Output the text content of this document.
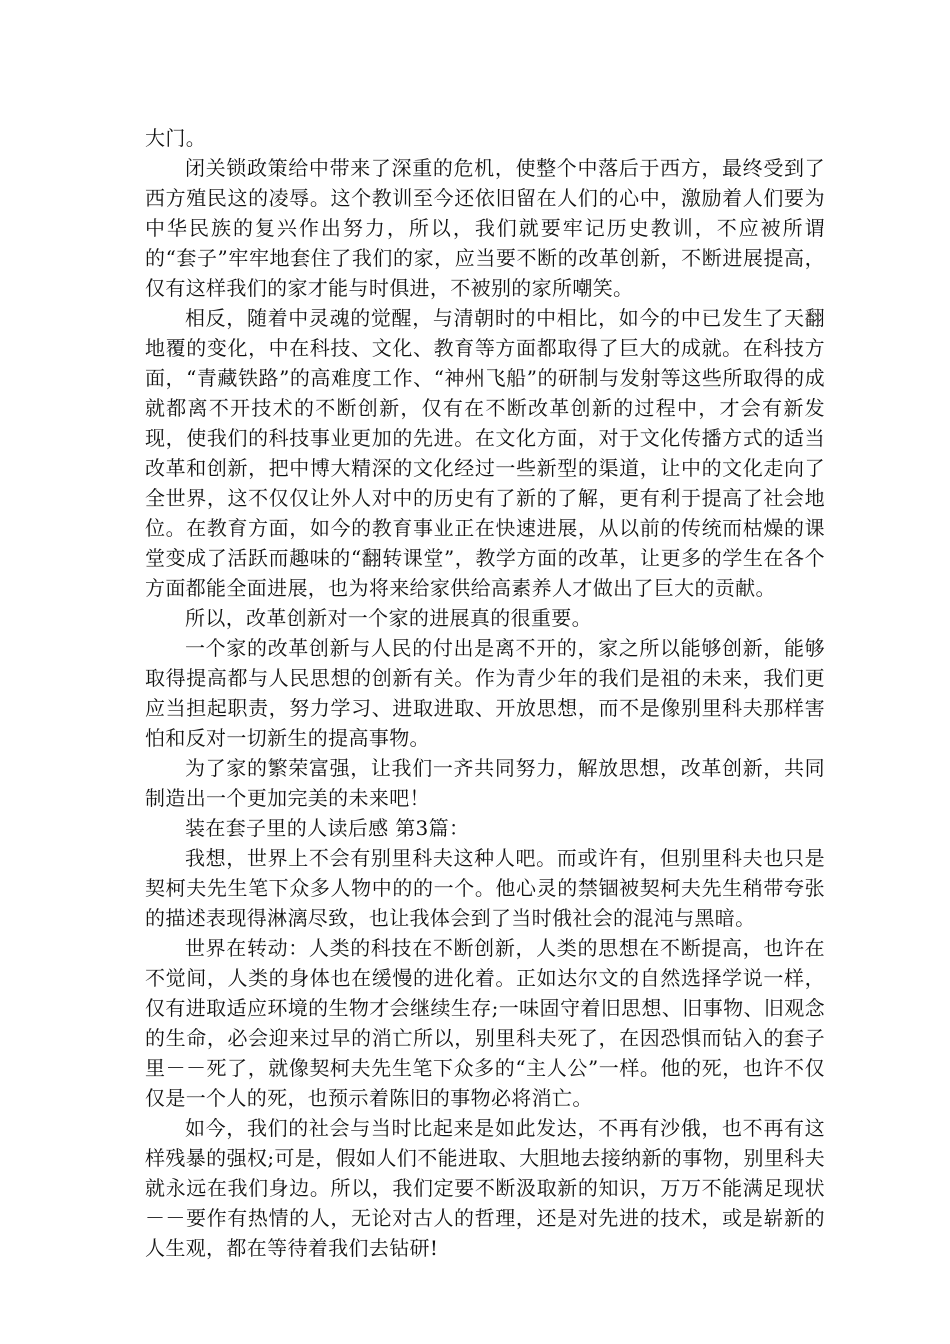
大门。

闭关锁政策给中带来了深重的危机，使整个中落后于西方，最终受到了西方殖民这的凌辱。这个教训至今还依旧留在人们的心中，激励着人们要为中华民族的复兴作出努力，所以，我们就要牢记历史教训，不应被所谓的“套子”牢牢地套住了我们的家，应当要不断的改革创新，不断进展提高，仅有这样我们的家才能与时俱进，不被别的家所嘲笑。

相反，随着中灵魂的觉醒，与清朝时的中相比，如今的中已发生了天翻地覆的变化，中在科技、文化、教育等方面都取得了巨大的成就。在科技方面，“青藏铁路”的高难度工作、“神州飞船”的研制与发射等这些所取得的成就都离不开技术的不断创新，仅有在不断改革创新的过程中，才会有新发现，使我们的科技事业更加的先进。在文化方面，对于文化传播方式的适当改革和创新，把中博大精深的文化经过一些新型的渠道，让中的文化走向了全世界，这不仅仅让外人对中的历史有了新的了解，更有利于提高了社会地位。在教育方面，如今的教育事业正在快速进展，从以前的传统而枯燥的课堂变成了活跃而趣味的“翻转课堂”，教学方面的改革，让更多的学生在各个方面都能全面进展，也为将来给家供给高素养人才做出了巨大的贡献。

所以，改革创新对一个家的进展真的很重要。

一个家的改革创新与人民的付出是离不开的，家之所以能够创新，能够取得提高都与人民思想的创新有关。作为青少年的我们是祖的未来，我们更应当担起职责，努力学习、进取进取、开放思想，而不是像别里科夫那样害怕和反对一切新生的提高事物。

为了家的繁荣富强，让我们一齐共同努力，解放思想，改革创新，共同制造出一个更加完美的未来吧！

装在套子里的人读后感 第3篇：

我想，世界上不会有别里科夫这种人吧。而或许有，但别里科夫也只是契柯夫先生笔下众多人物中的的一个。他心灵的禁锢被契柯夫先生稍带夸张的描述表现得淋漓尽致，也让我体会到了当时俄社会的混沌与黑暗。

世界在转动：人类的科技在不断创新，人类的思想在不断提高，也许在不觉间，人类的身体也在缓慢的进化着。正如达尔文的自然选择学说一样，仅有进取适应环境的生物才会继续生存;一味固守着旧思想、旧事物、旧观念的生命，必会迎来过早的消亡所以，别里科夫死了，在因恐惧而钻入的套子里－－死了，就像契柯夫先生笔下众多的“主人公”一样。他的死，也许不仅仅是一个人的死，也预示着陈旧的事物必将消亡。

如今，我们的社会与当时比起来是如此发达，不再有沙俄，也不再有这样残暴的强权;可是，假如人们不能进取、大胆地去接纳新的事物，别里科夫就永远在我们身边。所以，我们定要不断汲取新的知识，万万不能满足现状－－要作有热情的人，无论对古人的哲理，还是对先进的技术，或是崭新的人生观，都在等待着我们去钻研!
